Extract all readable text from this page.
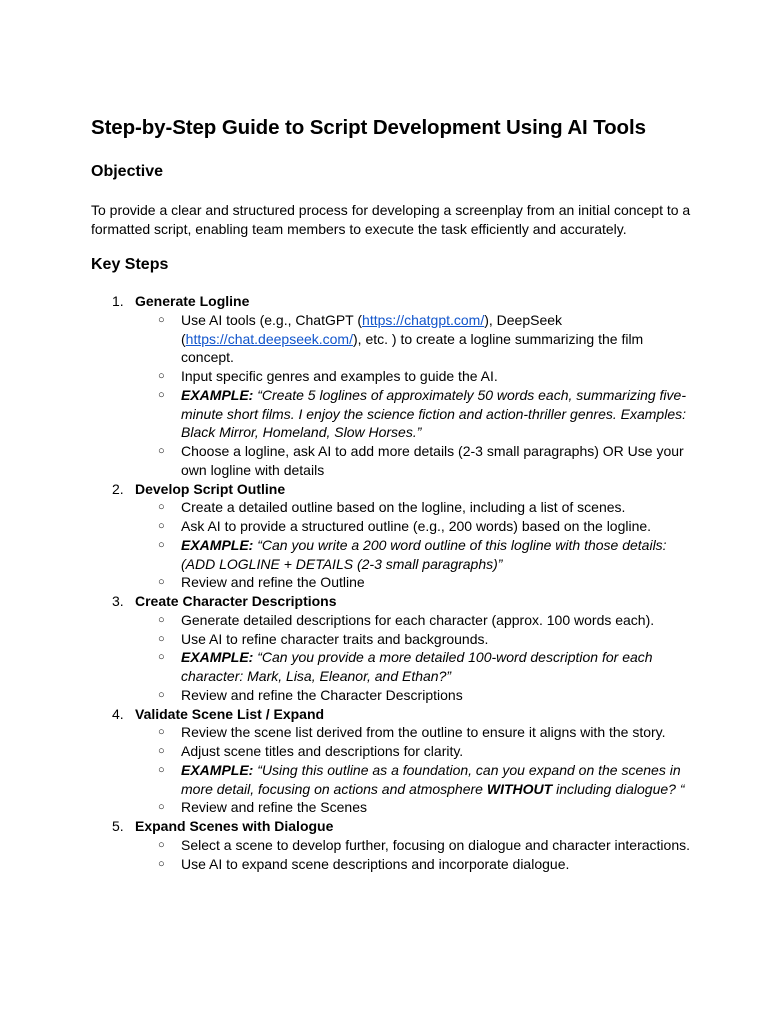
Step-by-Step Guide to Script Development Using AI Tools
Objective

To provide a clear and structured process for developing a screenplay from an initial concept to a formatted script, enabling team members to execute the task efficiently and accurately.

Key Steps
1. Generate Logline
○ Use AI tools (e.g., ChatGPT (https://chatgpt.com/), DeepSeek (https://chat.deepseek.com/), etc. ) to create a logline summarizing the film concept.
○ Input specific genres and examples to guide the AI.
○ EXAMPLE: “Create 5 loglines of approximately 50 words each, summarizing five-minute short films. I enjoy the science fiction and action-thriller genres. Examples: Black Mirror, Homeland, Slow Horses.”
○ Choose a logline, ask AI to add more details (2-3 small paragraphs) OR Use your own logline with details
2. Develop Script Outline
○ Create a detailed outline based on the logline, including a list of scenes.
○ Ask AI to provide a structured outline (e.g., 200 words) based on the logline.
○ EXAMPLE: “Can you write a 200 word outline of this logline with those details: (ADD LOGLINE + DETAILS (2-3 small paragraphs)”
○ Review and refine the Outline
3. Create Character Descriptions
○ Generate detailed descriptions for each character (approx. 100 words each).
○ Use AI to refine character traits and backgrounds.
○ EXAMPLE: “Can you provide a more detailed 100-word description for each character: Mark, Lisa, Eleanor, and Ethan?”
○ Review and refine the Character Descriptions
4. Validate Scene List / Expand
○ Review the scene list derived from the outline to ensure it aligns with the story.
○ Adjust scene titles and descriptions for clarity.
○ EXAMPLE: “Using this outline as a foundation, can you expand on the scenes in more detail, focusing on actions and atmosphere WITHOUT including dialogue? “
○ Review and refine the Scenes
5. Expand Scenes with Dialogue
○ Select a scene to develop further, focusing on dialogue and character interactions.
○ Use AI to expand scene descriptions and incorporate dialogue.
